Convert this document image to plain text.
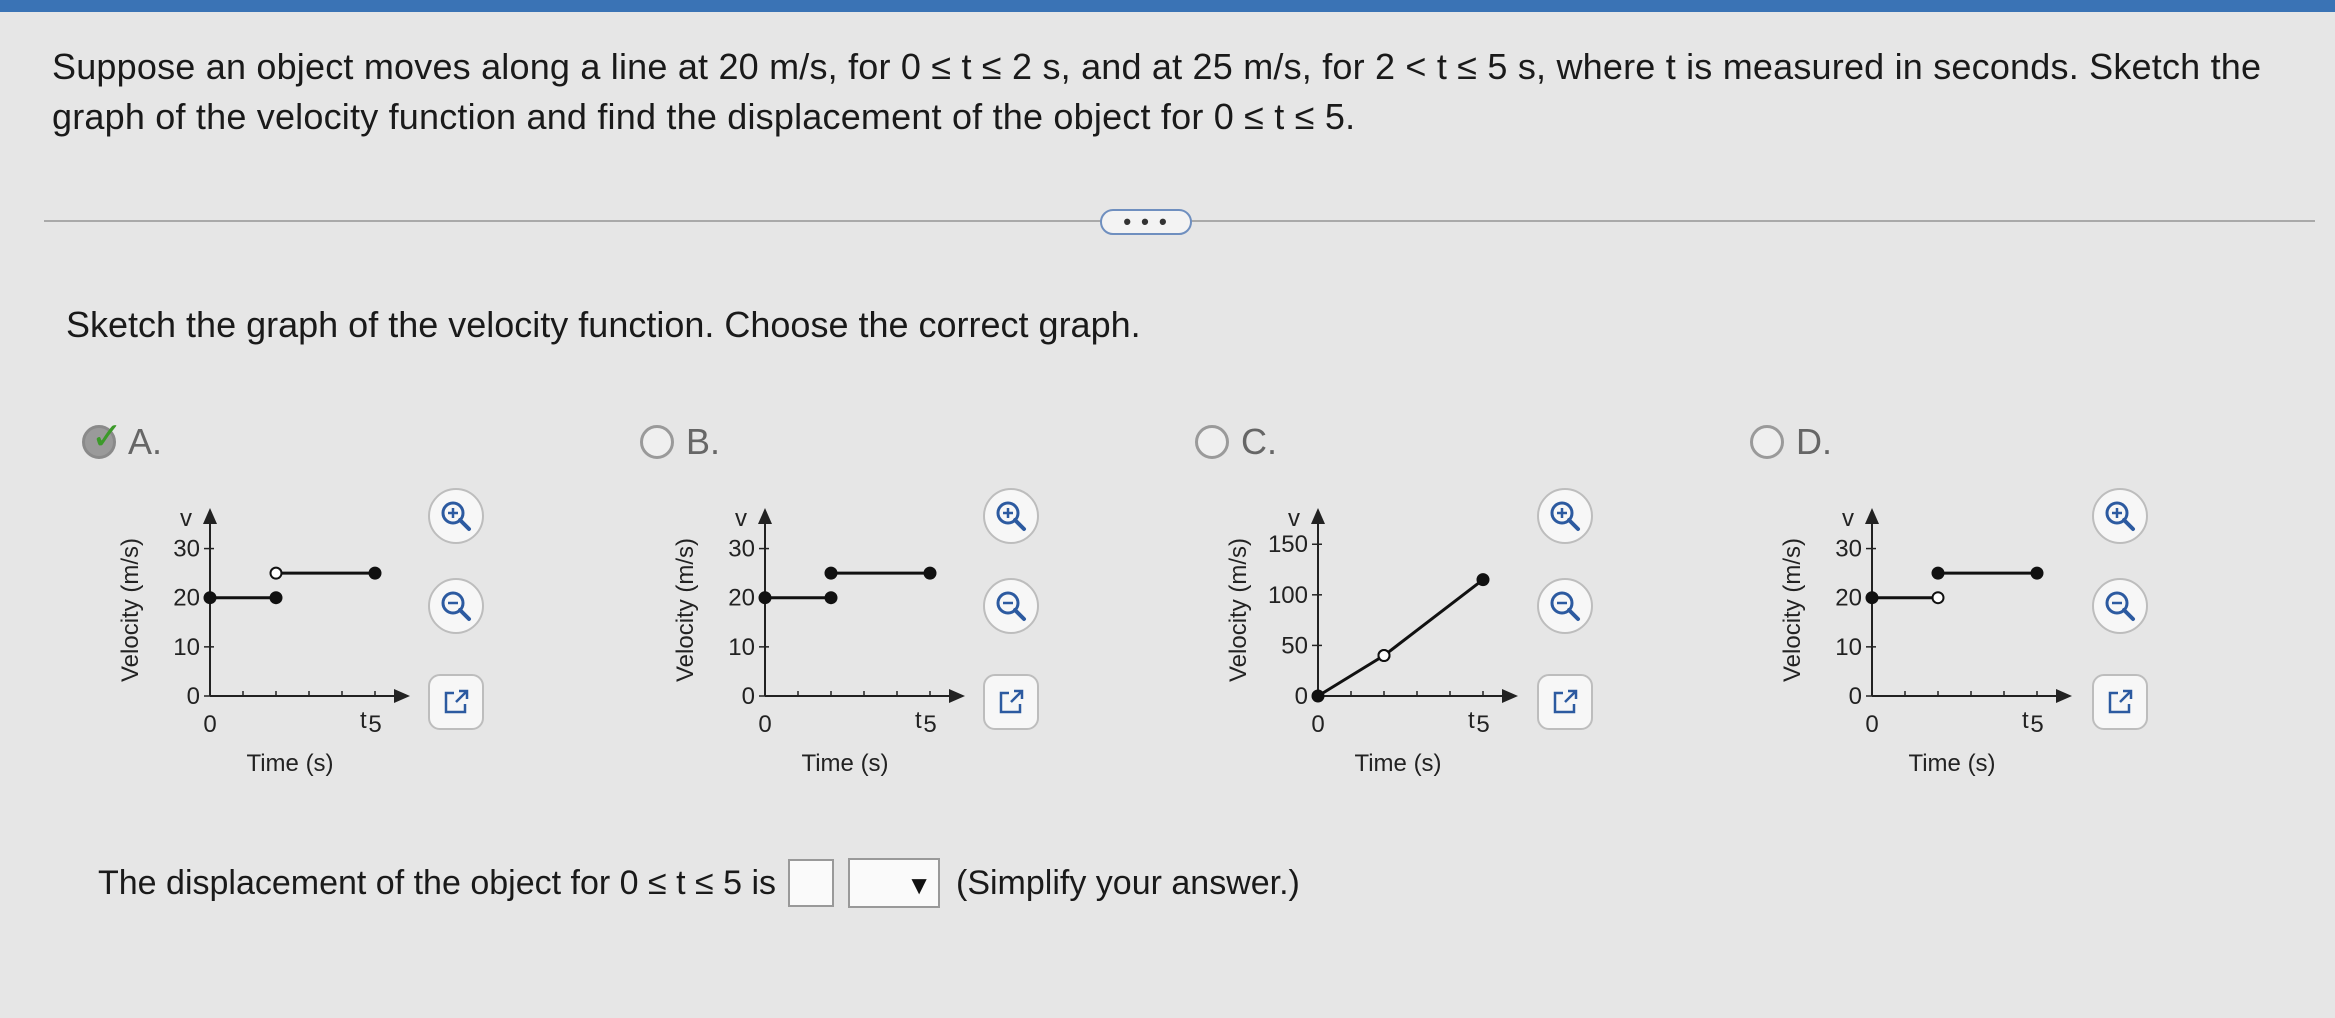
Suppose an object moves along a line at 20 m/s, for 0 ≤ t ≤ 2 s, and at 25 m/s, for 2 < t ≤ 5 s, where t is measured in seconds. Sketch the graph of the velocity function and find the displacement of the object for 0 ≤ t ≤ 5.
• • •
Sketch the graph of the velocity function. Choose the correct graph.
✓ A.	B.	C.	D.
0
10
20
30
0	5
t
v
Time (s)
Velocity (m/s)
0
10
20
30
0	5
t
v
Time (s)
Velocity (m/s)
0
50
100
150
0	5
t
v
Time (s)
Velocity (m/s)
0
10
20
30
0	5
t
v
Time (s)
Velocity (m/s)
The displacement of the object for 0 ≤ t ≤ 5 is	▼ (Simplify your answer.)
